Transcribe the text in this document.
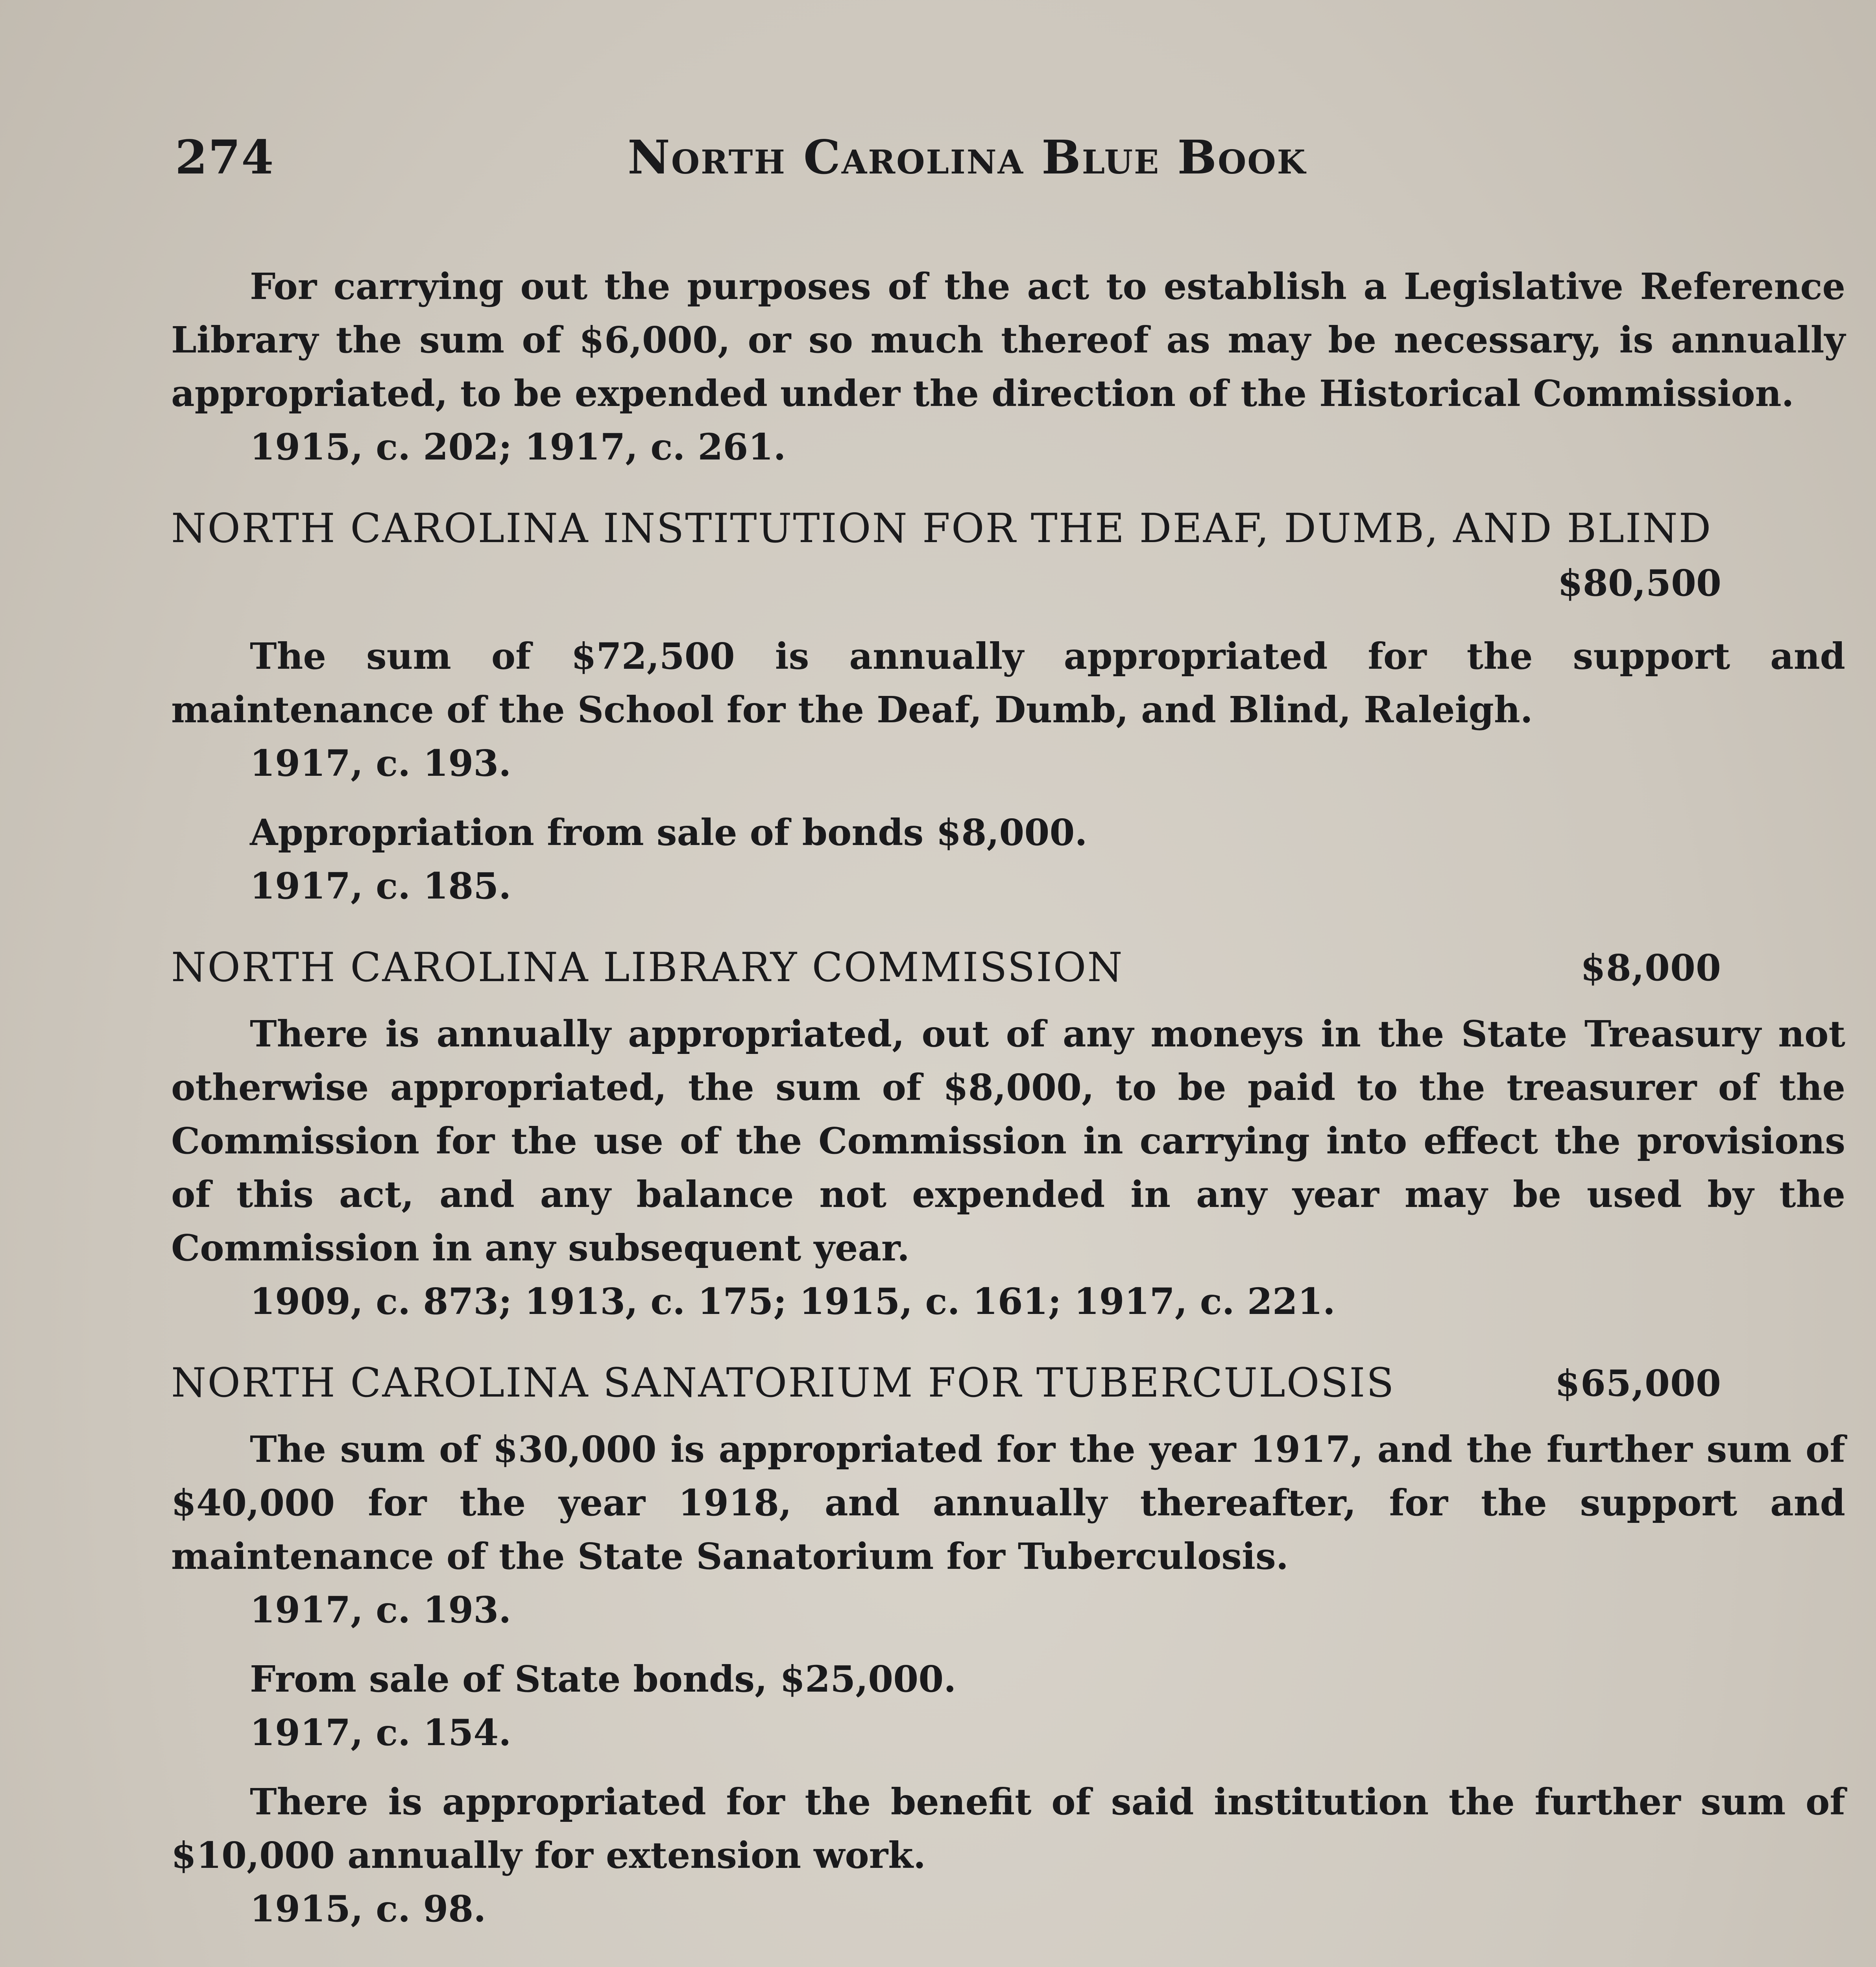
274	North Carolina Blue Book

For carrying out the purposes of the act to establish a Legislative Reference Library the sum of $6,000, or so much thereof as may be necessary, is annually appropriated, to be expended under the direction of the Historical Commission.

1915, c. 202; 1917, c. 261.
NORTH CAROLINA INSTITUTION FOR THE DEAF, DUMB, AND BLIND
$80,500

The sum of $72,500 is annually appropriated for the support and maintenance of the School for the Deaf, Dumb, and Blind, Raleigh.

1917, c. 193.
Appropriation from sale of bonds $8,000.
1917, c. 185.
NORTH CAROLINA LIBRARY COMMISSION	$8,000

There is annually appropriated, out of any moneys in the State Treasury not otherwise appropriated, the sum of $8,000, to be paid to the treasurer of the Commission for the use of the Commission in carrying into effect the provisions of this act, and any balance not expended in any year may be used by the Commission in any subsequent year.

1909, c. 873; 1913, c. 175; 1915, c. 161; 1917, c. 221.
NORTH CAROLINA SANATORIUM FOR TUBERCULOSIS	$65,000

The sum of $30,000 is appropriated for the year 1917, and the further sum of $40,000 for the year 1918, and annually thereafter, for the support and maintenance of the State Sanatorium for Tuberculosis.

1917, c. 193.
From sale of State bonds, $25,000.
1917, c. 154.

There is appropriated for the benefit of said institution the further sum of $10,000 annually for extension work.

1915, c. 98.
